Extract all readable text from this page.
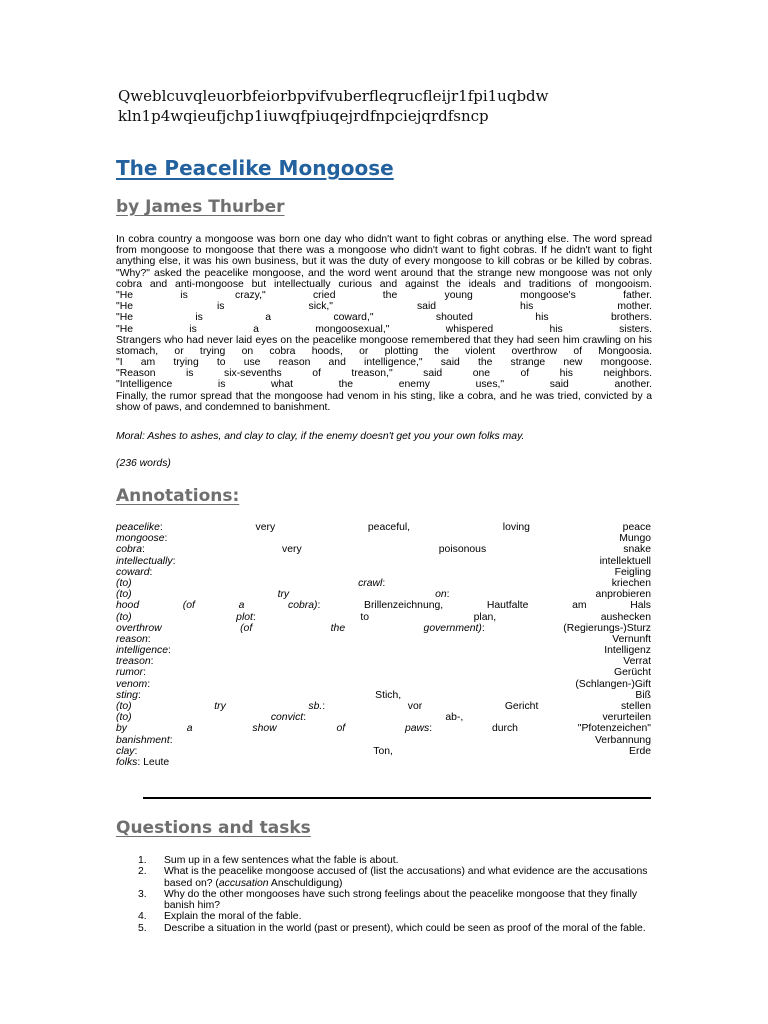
Qweblcuvqleuorbfeiorbpvifvuberfleqrucfleijr1fpi1uqbdw
kln1p4wqieufjchp1iuwqfpiuqejrdfnpciejqrdfsncp
The Peacelike Mongoose
by James Thurber
In cobra country a mongoose was born one day who didn't want to fight cobras or anything else. The word spread
from mongoose to mongoose that there was a mongoose who didn't want to fight cobras. If he didn't want to fight
anything else, it was his own business, but it was the duty of every mongoose to kill cobras or be killed by cobras.
"Why?" asked the peacelike mongoose, and the word went around that the strange new mongoose was not only
cobra and anti-mongoose but intellectually curious and against the ideals and traditions of mongooism.
"He is crazy," cried the young mongoose's father.
"He is sick," said his mother.
"He is a coward," shouted his brothers.
"He is a mongoosexual," whispered his sisters.
Strangers who had never laid eyes on the peacelike mongoose remembered that they had seen him crawling on his
stomach, or trying on cobra hoods, or plotting the violent overthrow of Mongoosia.
"I am trying to use reason and intelligence," said the strange new mongoose.
"Reason is six-sevenths of treason," said one of his neighbors.
"Intelligence is what the enemy uses," said another.
Finally, the rumor spread that the mongoose had venom in his sting, like a cobra, and he was tried, convicted by a
show of paws, and condemned to banishment.
Moral: Ashes to ashes, and clay to clay, if the enemy doesn't get you your own folks may.
(236 words)
Annotations:
peacelike: very peaceful, loving peace
mongoose: Mungo
cobra: very poisonous snake
intellectually: intellektuell
coward: Feigling
(to) crawl: kriechen
(to) try on: anprobieren
hood (of a cobra): Brillenzeichnung, Hautfalte am Hals
(to) plot: to plan, aushecken
overthrow (of the government): (Regierungs-)Sturz
reason: Vernunft
intelligence: Intelligenz
treason: Verrat
rumor: Gerücht
venom: (Schlangen-)Gift
sting: Stich, Biß
(to) try sb.: vor Gericht stellen
(to) convict: ab-, verurteilen
by a show of paws: durch "Pfotenzeichen"
banishment: Verbannung
clay: Ton, Erde
folks: Leute
Questions and tasks
1. Sum up in a few sentences what the fable is about.
2. What is the peacelike mongoose accused of (list the accusations) and what evidence are the accusations based on? (accusation Anschuldigung)
3. Why do the other mongooses have such strong feelings about the peacelike mongoose that they finally banish him?
4. Explain the moral of the fable.
5. Describe a situation in the world (past or present), which could be seen as proof of the moral of the fable.
